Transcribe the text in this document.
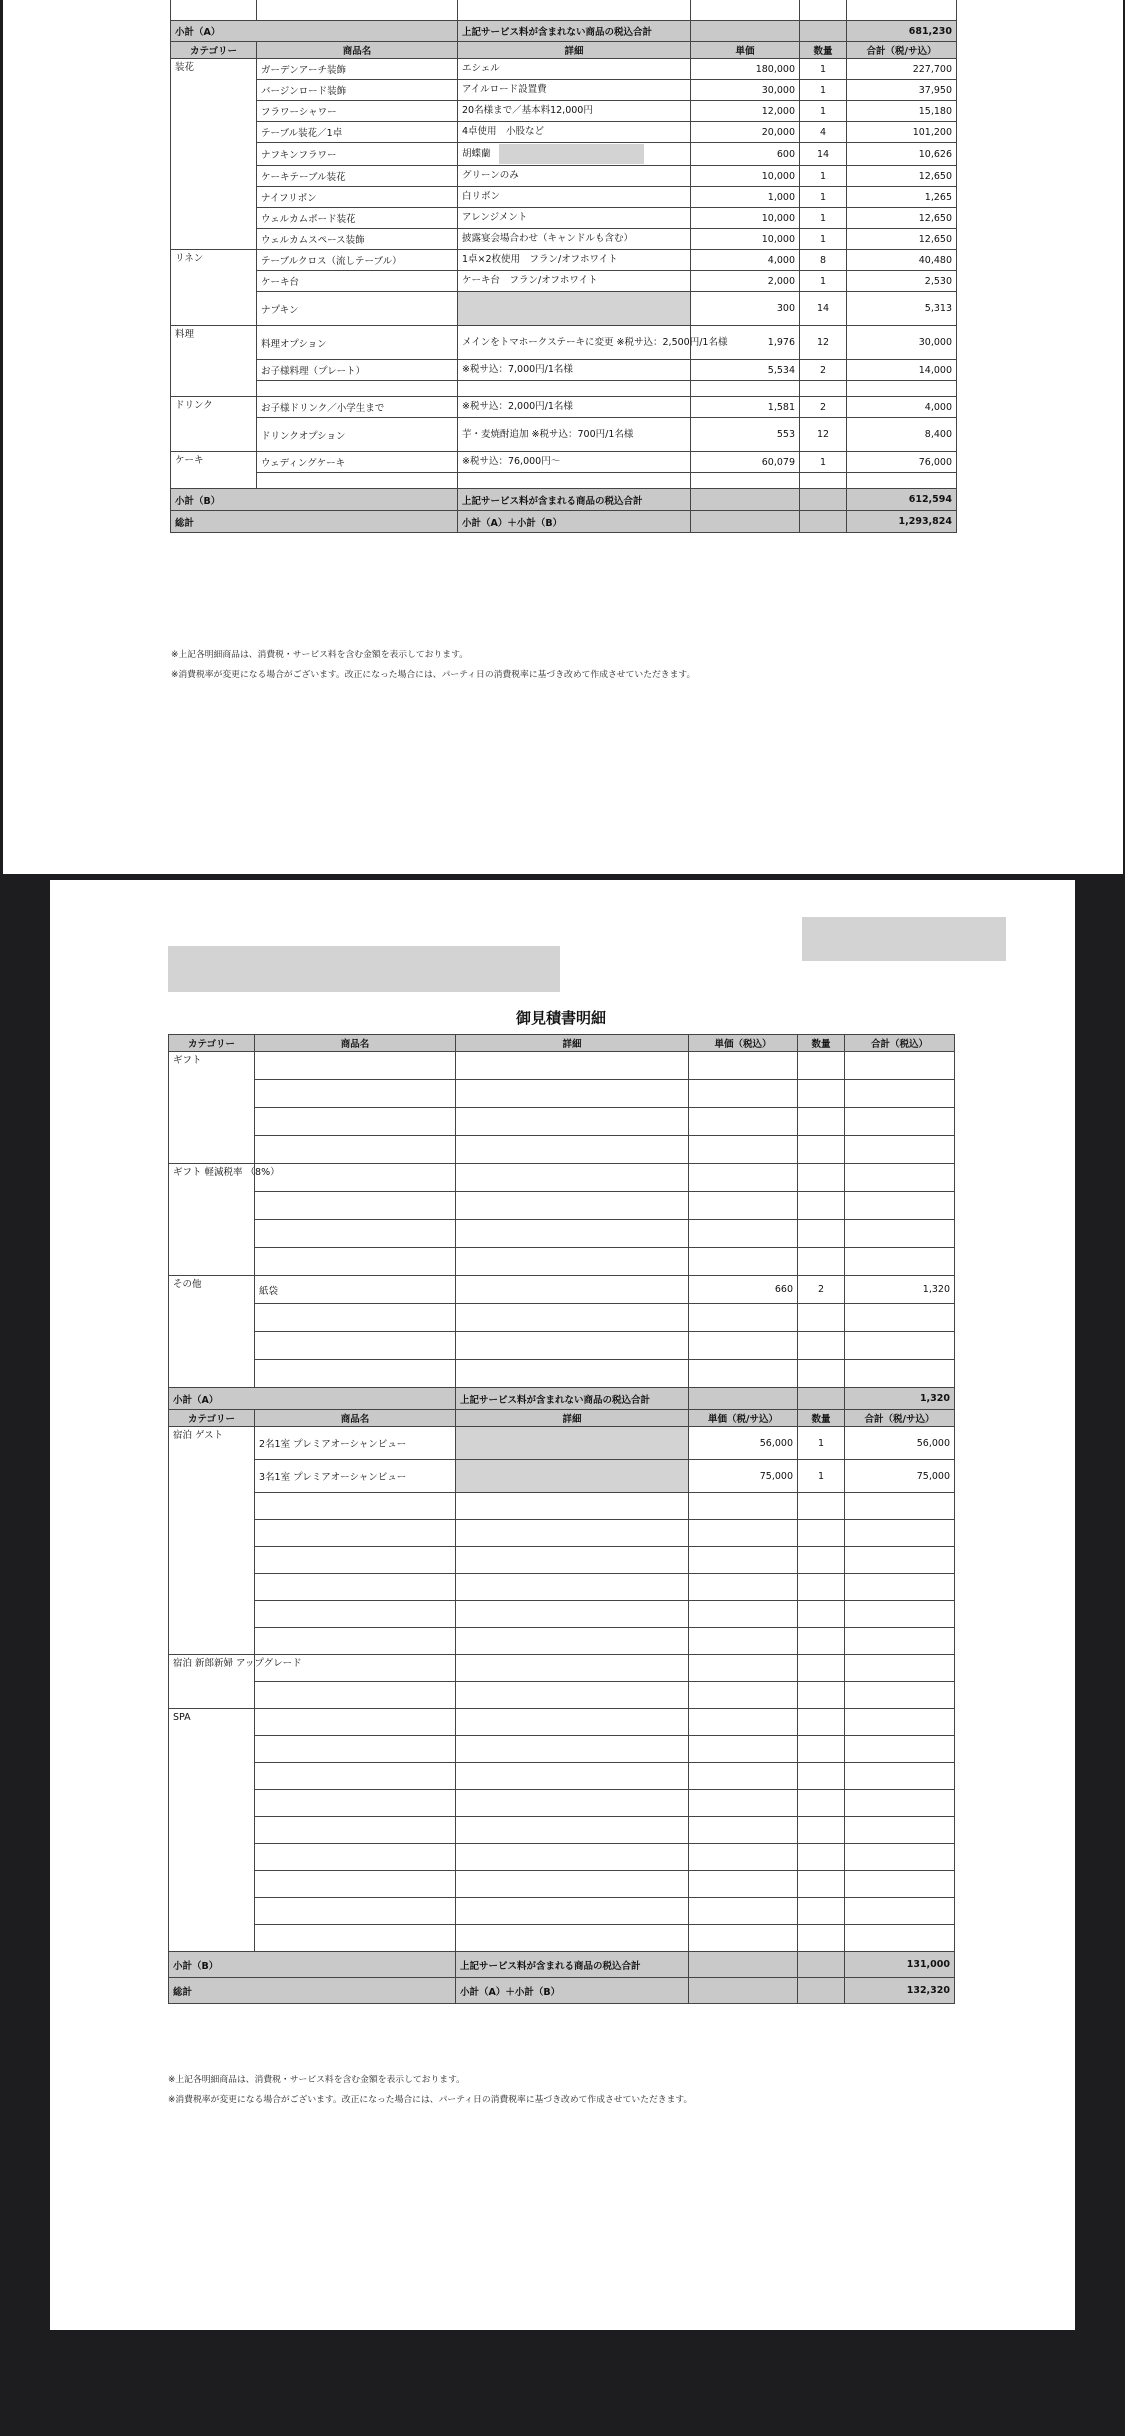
小計（A）		上記サービス料が含まれない商品の税込合計			681,230
カテゴリー	商品名	詳細	単価	数量	合計（税/サ込）
装花	ガーデンアーチ装飾	エシェル	180,000	1	227,700
	バージンロード装飾	アイルロード設置費	30,000	1	37,950
	フラワーシャワー	20名様まで／基本料12,000円	12,000	1	15,180
	テーブル装花／1卓	4卓使用　小股など	20,000	4	101,200
	ナフキンフラワー	胡蝶蘭	600	14	10,626
	ケーキテーブル装花	グリーンのみ	10,000	1	12,650
	ナイフリボン	白リボン	1,000	1	1,265
	ウェルカムボード装花	アレンジメント	10,000	1	12,650
	ウェルカムスペース装飾	披露宴会場合わせ（キャンドルも含む）	10,000	1	12,650
リネン	テーブルクロス（流しテーブル）	1卓×2枚使用　フラン/オフホワイト	4,000	8	40,480
	ケーキ台	ケーキ台　フラン/オフホワイト	2,000	1	2,530
	ナプキン		300	14	5,313
料理	料理オプション	メインをトマホークステーキに変更 ※税サ込：2,500円/1名様	1,976	12	30,000
	お子様料理（プレート）	※税サ込：7,000円/1名様	5,534	2	14,000

ドリンク	お子様ドリンク／小学生まで	※税サ込：2,000円/1名様	1,581	2	4,000
	ドリンクオプション	芋・麦焼酎追加 ※税サ込：700円/1名様	553	12	8,400
ケーキ	ウェディングケーキ	※税サ込：76,000円～	60,079	1	76,000

小計（B）		上記サービス料が含まれる商品の税込合計			612,594
総計		小計（A）＋小計（B）			1,293,824
※上記各明細商品は、消費税・サービス料を含む金額を表示しております。
※消費税率が変更になる場合がございます。改正になった場合には、パーティ日の消費税率に基づき改めて作成させていただきます。
御見積書明細
カテゴリー	商品名	詳細	単価（税込）	数量	合計（税込）
ギフト					

ギフト 軽減税率 （8%）					

その他	紙袋		660	2	1,320

小計（A）		上記サービス料が含まれない商品の税込合計			1,320
カテゴリー	商品名	詳細	単価（税/サ込）	数量	合計（税/サ込）
宿泊 ゲスト	2名1室 プレミアオーシャンビュー		56,000	1	56,000
	3名1室 プレミアオーシャンビュー		75,000	1	75,000

宿泊 新郎新婦 アップグレード					

SPA					

小計（B）		上記サービス料が含まれる商品の税込合計			131,000
総計		小計（A）＋小計（B）			132,320
※上記各明細商品は、消費税・サービス料を含む金額を表示しております。
※消費税率が変更になる場合がございます。改正になった場合には、パーティ日の消費税率に基づき改めて作成させていただきます。
